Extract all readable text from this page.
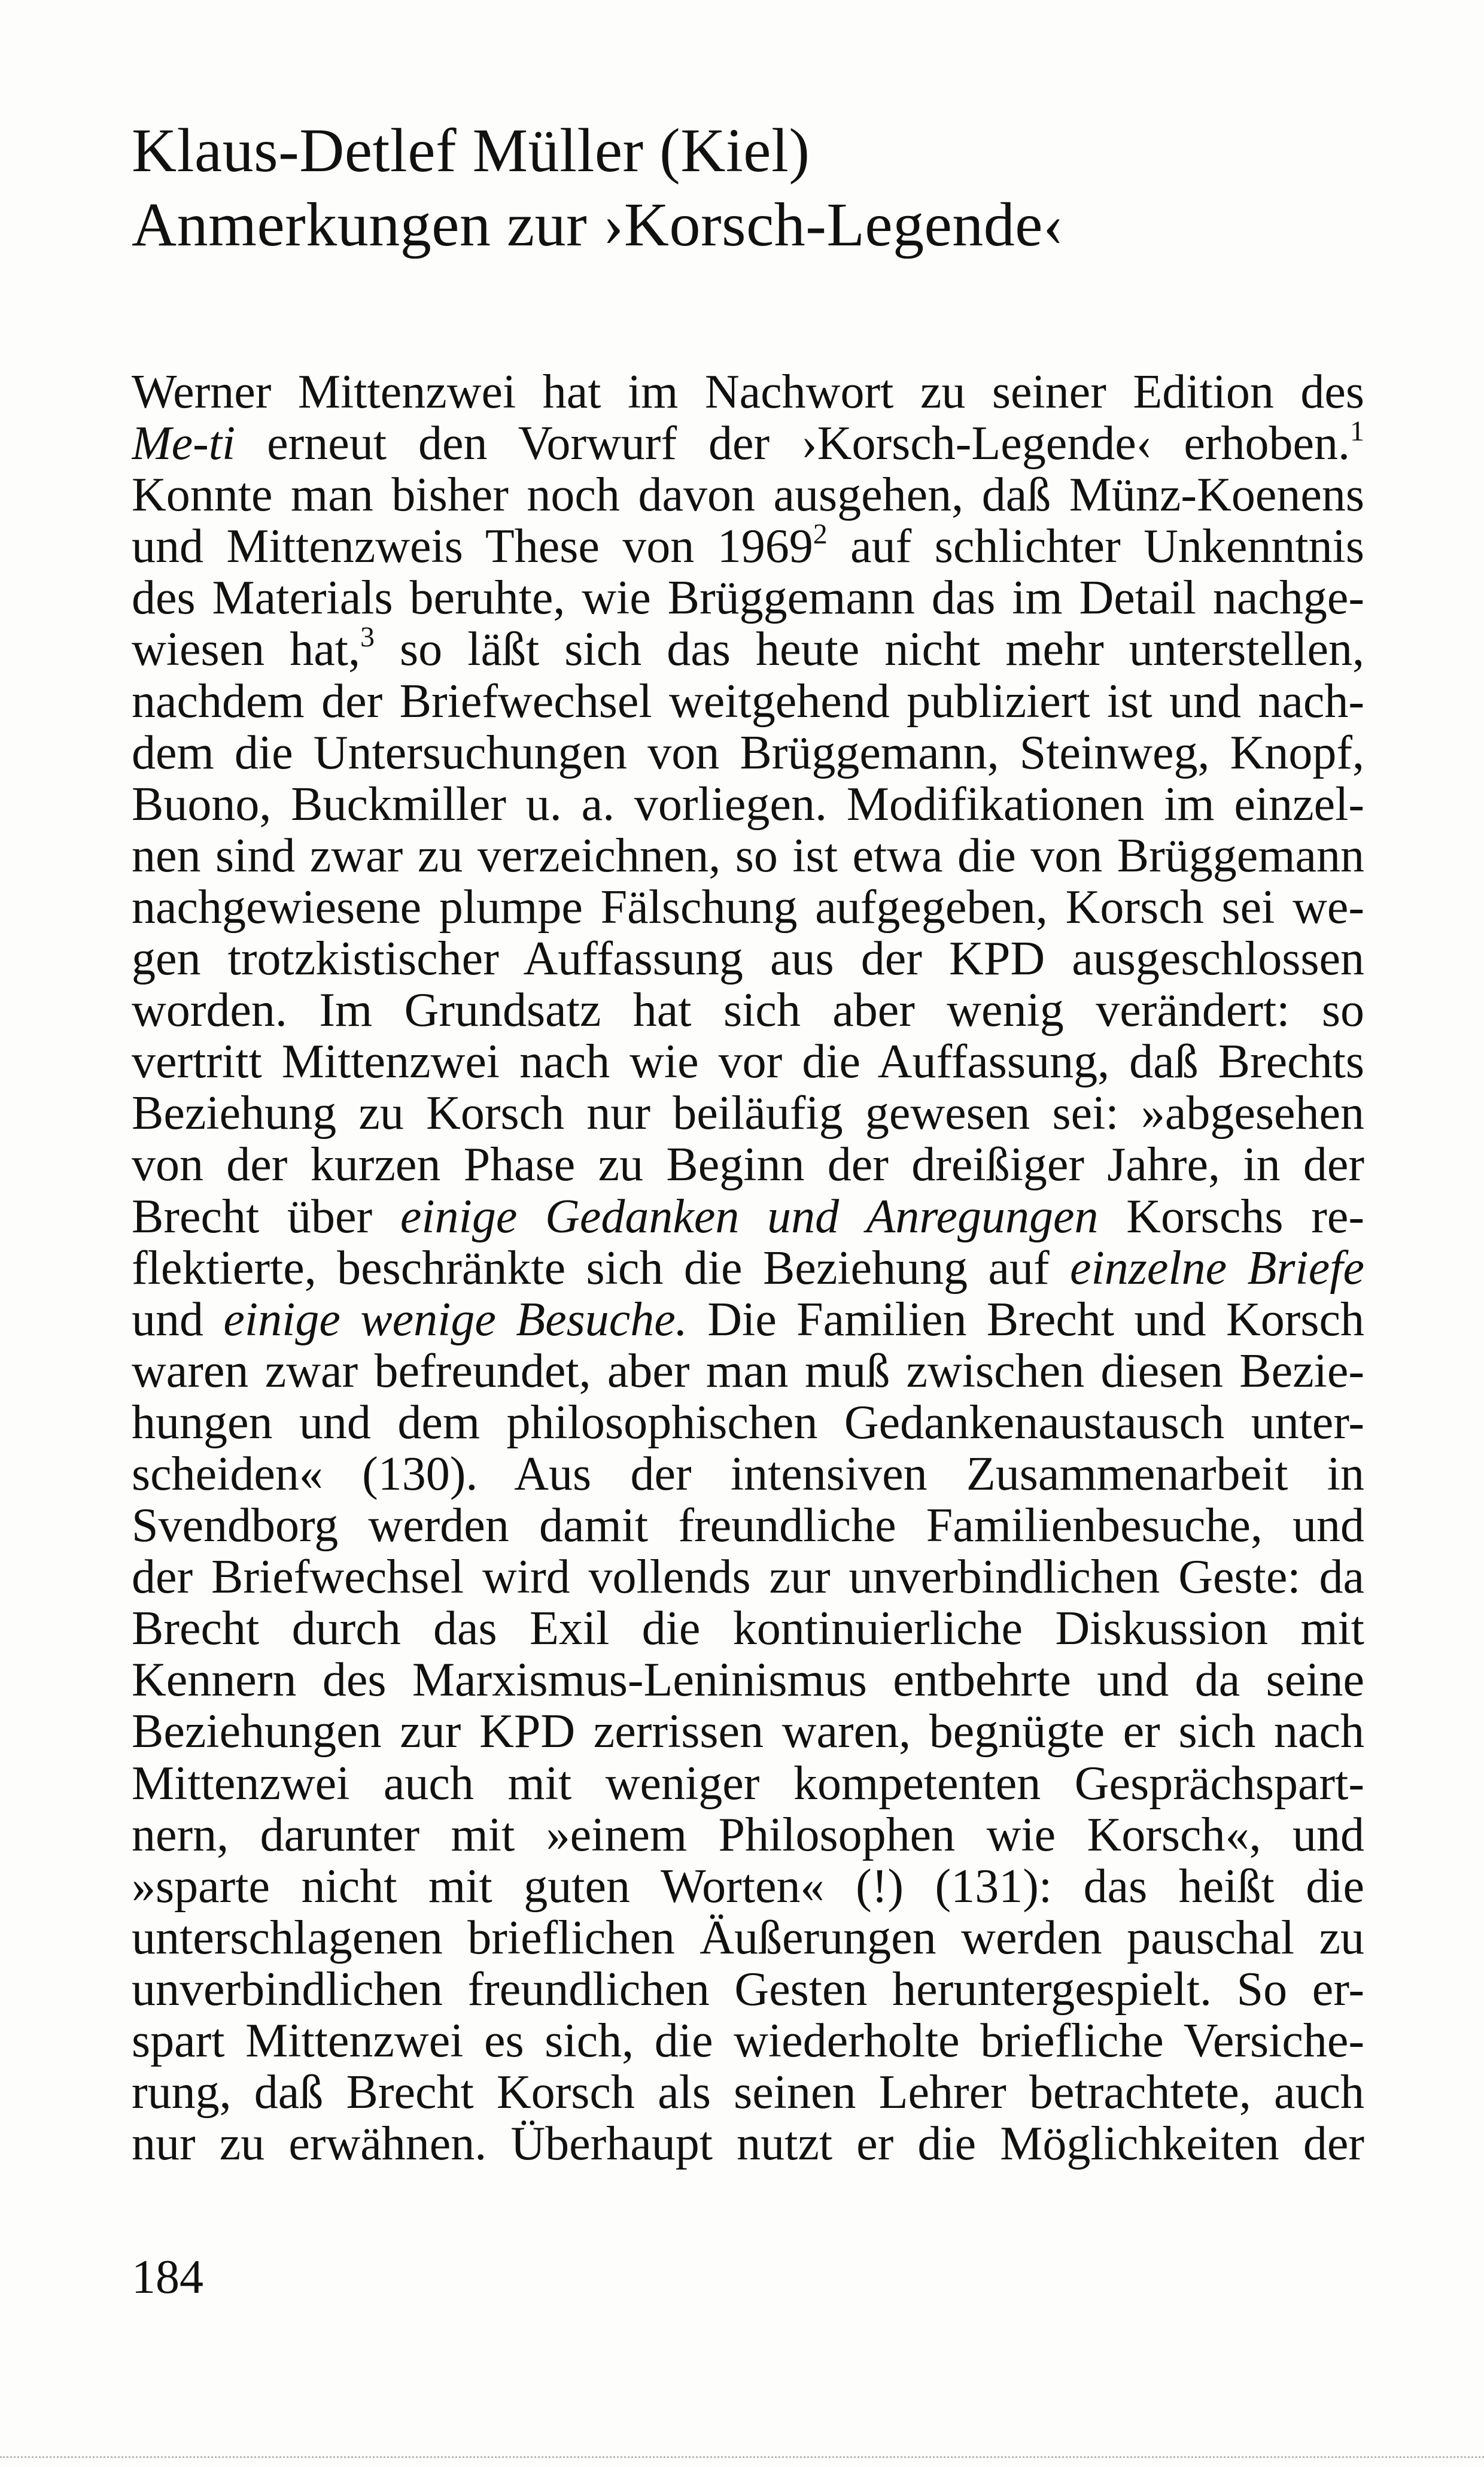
Klaus-Detlef Müller (Kiel)
Anmerkungen zur ›Korsch-Legende‹
Werner Mittenzwei hat im Nachwort zu seiner Edition des
Me-ti erneut den Vorwurf der ›Korsch-Legende‹ erhoben.$^1$
Konnte man bisher noch davon ausgehen, daß Münz-Koenens
und Mittenzweis These von 1969$^2$ auf schlichter Unkenntnis
des Materials beruhte, wie Brüggemann das im Detail nachge-
wiesen hat,$^3$ so läßt sich das heute nicht mehr unterstellen,
nachdem der Briefwechsel weitgehend publiziert ist und nach-
dem die Untersuchungen von Brüggemann, Steinweg, Knopf,
Buono, Buckmiller u. a. vorliegen. Modifikationen im einzel-
nen sind zwar zu verzeichnen, so ist etwa die von Brüggemann
nachgewiesene plumpe Fälschung aufgegeben, Korsch sei we-
gen trotzkistischer Auffassung aus der KPD ausgeschlossen
worden. Im Grundsatz hat sich aber wenig verändert: so
vertritt Mittenzwei nach wie vor die Auffassung, daß Brechts
Beziehung zu Korsch nur beiläufig gewesen sei: »abgesehen
von der kurzen Phase zu Beginn der dreißiger Jahre, in der
Brecht über einige Gedanken und Anregungen Korschs re-
flektierte, beschränkte sich die Beziehung auf einzelne Briefe
und einige wenige Besuche. Die Familien Brecht und Korsch
waren zwar befreundet, aber man muß zwischen diesen Bezie-
hungen und dem philosophischen Gedankenaustausch unter-
scheiden« (130). Aus der intensiven Zusammenarbeit in
Svendborg werden damit freundliche Familienbesuche, und
der Briefwechsel wird vollends zur unverbindlichen Geste: da
Brecht durch das Exil die kontinuierliche Diskussion mit
Kennern des Marxismus-Leninismus entbehrte und da seine
Beziehungen zur KPD zerrissen waren, begnügte er sich nach
Mittenzwei auch mit weniger kompetenten Gesprächspart-
nern, darunter mit »einem Philosophen wie Korsch«, und
»sparte nicht mit guten Worten« (!) (131): das heißt die
unterschlagenen brieflichen Äußerungen werden pauschal zu
unverbindlichen freundlichen Gesten heruntergespielt. So er-
spart Mittenzwei es sich, die wiederholte briefliche Versiche-
rung, daß Brecht Korsch als seinen Lehrer betrachtete, auch
nur zu erwähnen. Überhaupt nutzt er die Möglichkeiten der
184
